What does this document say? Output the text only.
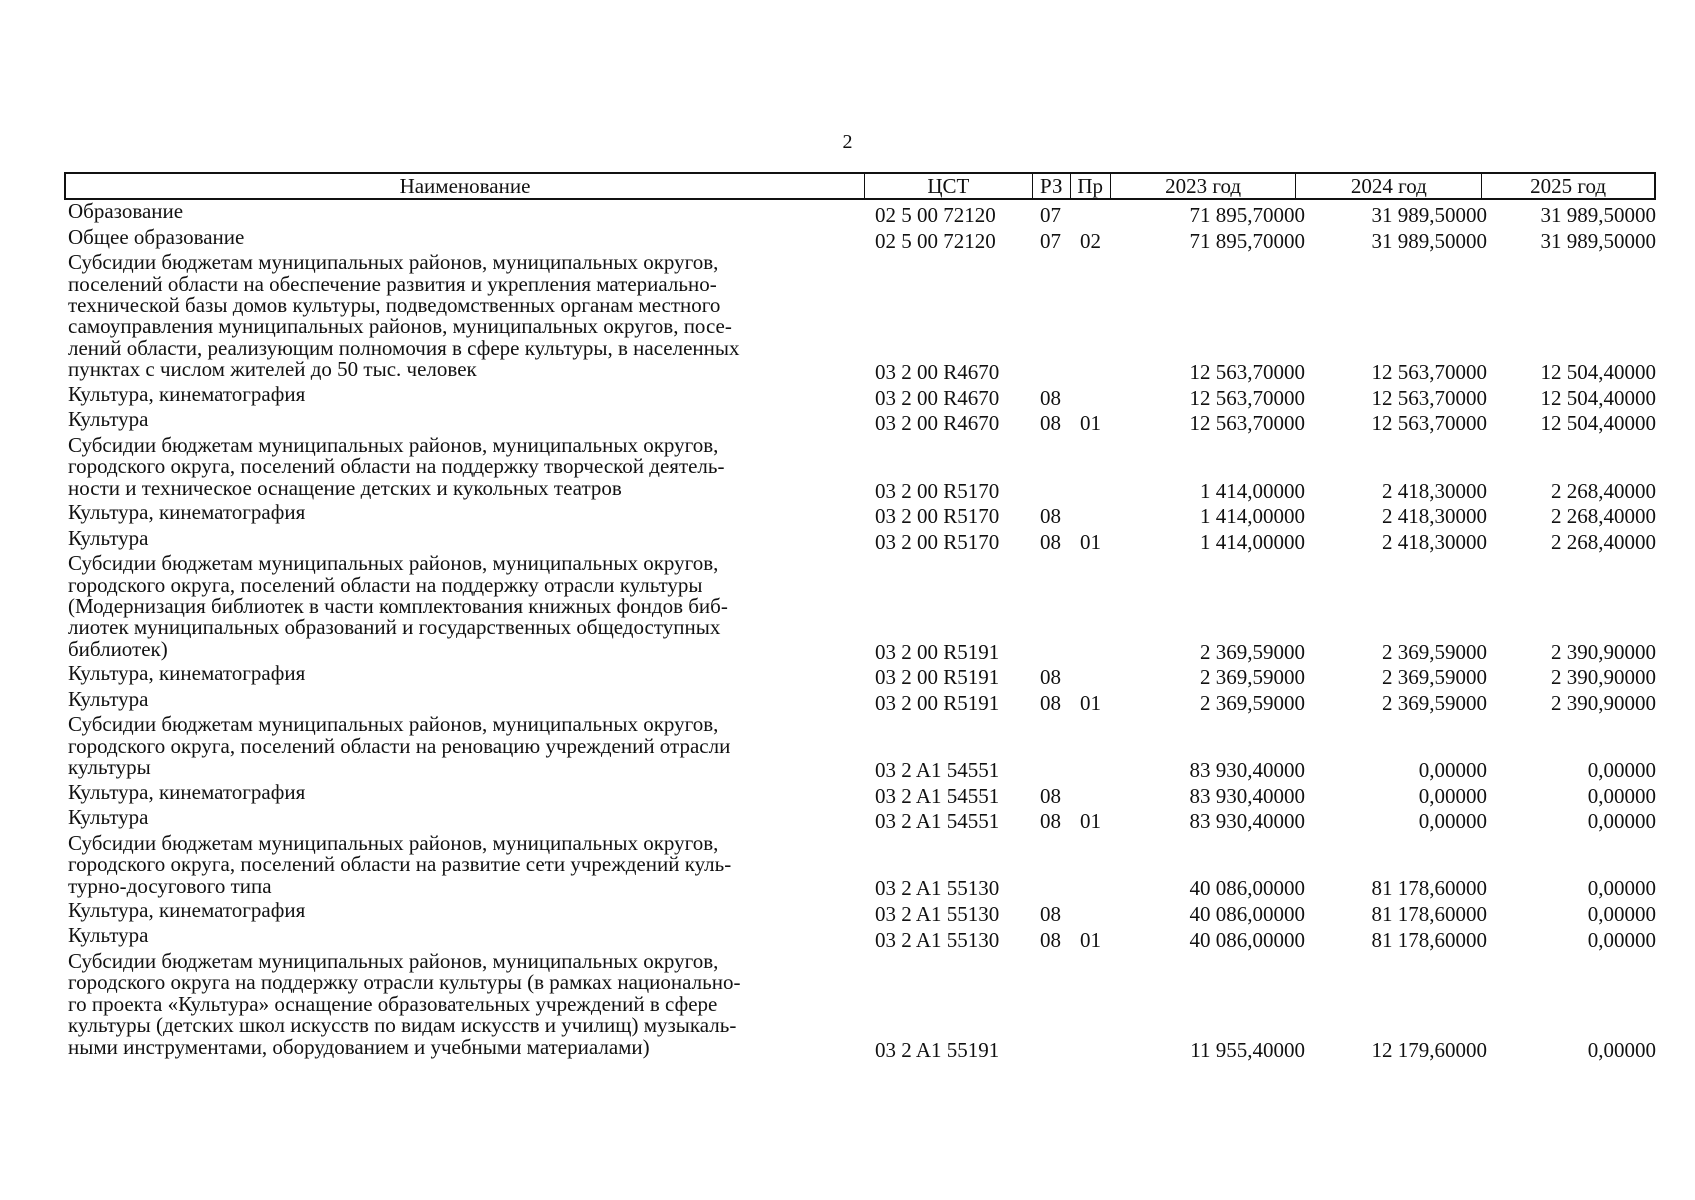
2
Наименование	ЦСТ	РЗ Пр	2023 год	2024 год	2025 год
Образование	02 5 00 72120 07	71 895,70000	31 989,50000	31 989,50000
Общее образование	02 5 00 72120 07 02	71 895,70000	31 989,50000	31 989,50000
Субсидии бюджетам муниципальных районов, муниципальных округов,
поселений области на обеспечение развития и укрепления материально-
технической базы домов культуры, подведомственных органам местного
самоуправления муниципальных районов, муниципальных округов, посе-
лений области, реализующим полномочия в сфере культуры, в населенных
пунктах с числом жителей до 50 тыс. человек	03 2 00 R4670	12 563,70000	12 563,70000	12 504,40000
Культура, кинематография	03 2 00 R4670 08	12 563,70000	12 563,70000	12 504,40000
Культура	03 2 00 R4670 08 01	12 563,70000	12 563,70000	12 504,40000
Субсидии бюджетам муниципальных районов, муниципальных округов,
городского округа, поселений области на поддержку творческой деятель-
ности и техническое оснащение детских и кукольных театров	03 2 00 R5170	1 414,00000	2 418,30000	2 268,40000
Культура, кинематография	03 2 00 R5170 08	1 414,00000	2 418,30000	2 268,40000
Культура	03 2 00 R5170 08 01	1 414,00000	2 418,30000	2 268,40000
Субсидии бюджетам муниципальных районов, муниципальных округов,
городского округа, поселений области на поддержку отрасли культуры
(Модернизация библиотек в части комплектования книжных фондов биб-
лиотек муниципальных образований и государственных общедоступных
библиотек)	03 2 00 R5191	2 369,59000	2 369,59000	2 390,90000
Культура, кинематография	03 2 00 R5191 08	2 369,59000	2 369,59000	2 390,90000
Культура	03 2 00 R5191 08 01	2 369,59000	2 369,59000	2 390,90000
Субсидии бюджетам муниципальных районов, муниципальных округов,
городского округа, поселений области на реновацию учреждений отрасли
культуры	03 2 A1 54551	83 930,40000	0,00000	0,00000
Культура, кинематография	03 2 A1 54551 08	83 930,40000	0,00000	0,00000
Культура	03 2 A1 54551 08 01	83 930,40000	0,00000	0,00000
Субсидии бюджетам муниципальных районов, муниципальных округов,
городского округа, поселений области на развитие сети учреждений куль-
турно-досугового типа	03 2 A1 55130	40 086,00000	81 178,60000	0,00000
Культура, кинематография	03 2 A1 55130 08	40 086,00000	81 178,60000	0,00000
Культура	03 2 A1 55130 08 01	40 086,00000	81 178,60000	0,00000
Субсидии бюджетам муниципальных районов, муниципальных округов,
городского округа на поддержку отрасли культуры (в рамках национально-
го проекта «Культура» оснащение образовательных учреждений в сфере
культуры (детских школ искусств по видам искусств и училищ) музыкаль-
ными инструментами, оборудованием и учебными материалами)	03 2 A1 55191	11 955,40000	12 179,60000	0,00000
